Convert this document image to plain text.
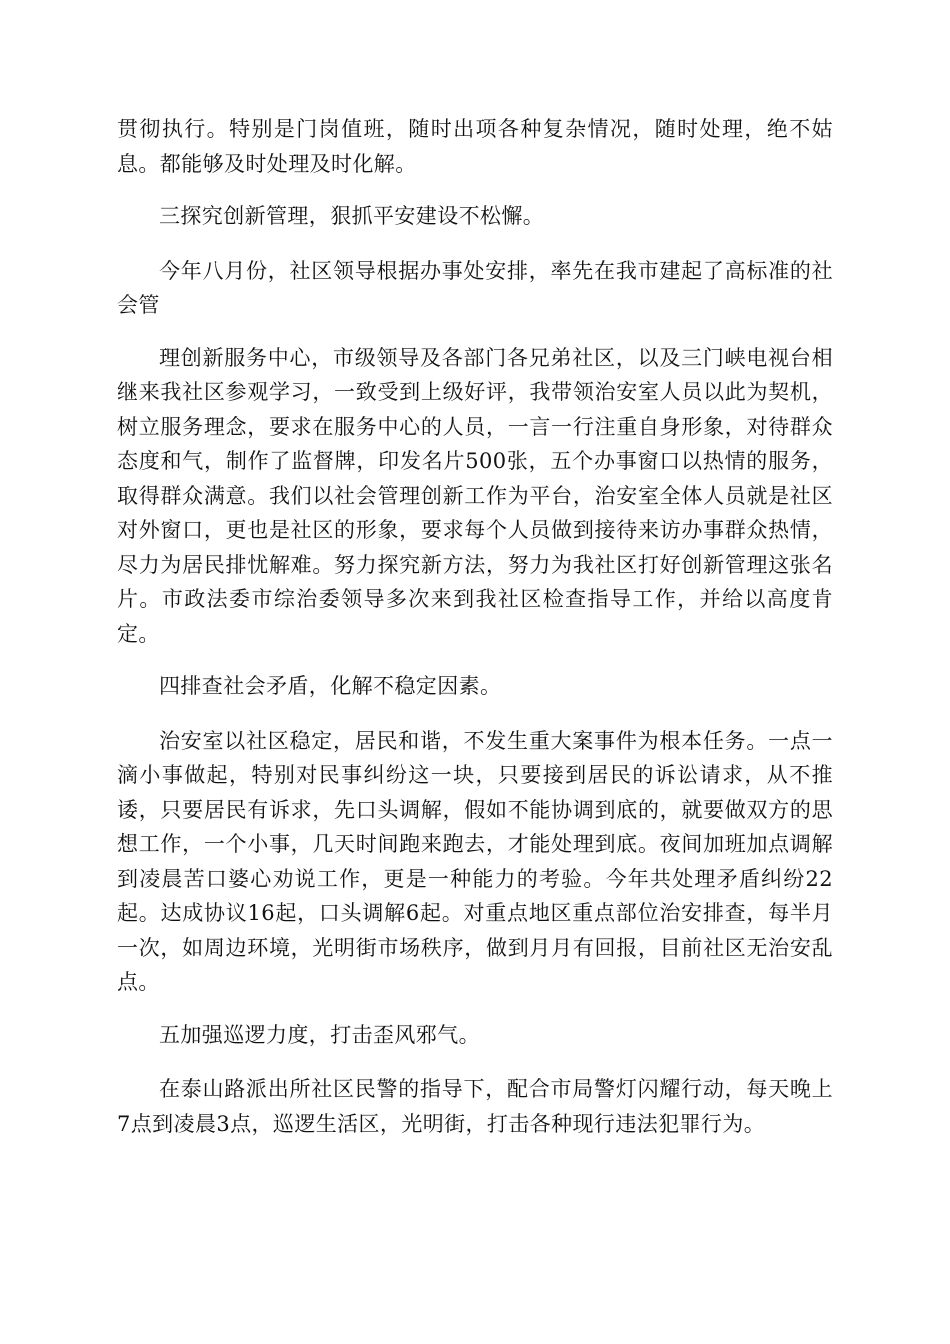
贯彻执行。特别是门岗值班，随时出项各种复杂情况，随时处理，绝不姑息。都能够及时处理及时化解。

三探究创新管理，狠抓平安建设不松懈。

今年八月份，社区领导根据办事处安排，率先在我市建起了高标准的社会管

理创新服务中心，市级领导及各部门各兄弟社区，以及三门峡电视台相继来我社区参观学习，一致受到上级好评，我带领治安室人员以此为契机，树立服务理念，要求在服务中心的人员，一言一行注重自身形象，对待群众态度和气，制作了监督牌，印发名片500张，五个办事窗口以热情的服务，取得群众满意。我们以社会管理创新工作为平台，治安室全体人员就是社区对外窗口，更也是社区的形象，要求每个人员做到接待来访办事群众热情，尽力为居民排忧解难。努力探究新方法，努力为我社区打好创新管理这张名片。市政法委市综治委领导多次来到我社区检查指导工作，并给以高度肯定。

四排查社会矛盾，化解不稳定因素。

治安室以社区稳定，居民和谐，不发生重大案事件为根本任务。一点一滴小事做起，特别对民事纠纷这一块，只要接到居民的诉讼请求，从不推诿，只要居民有诉求，先口头调解，假如不能协调到底的，就要做双方的思想工作，一个小事，几天时间跑来跑去，才能处理到底。夜间加班加点调解到凌晨苦口婆心劝说工作，更是一种能力的考验。今年共处理矛盾纠纷22起。达成协议16起，口头调解6起。对重点地区重点部位治安排查，每半月一次，如周边环境，光明街市场秩序，做到月月有回报，目前社区无治安乱点。

五加强巡逻力度，打击歪风邪气。

在泰山路派出所社区民警的指导下，配合市局警灯闪耀行动，每天晚上7点到凌晨3点，巡逻生活区，光明街，打击各种现行违法犯罪行为。
